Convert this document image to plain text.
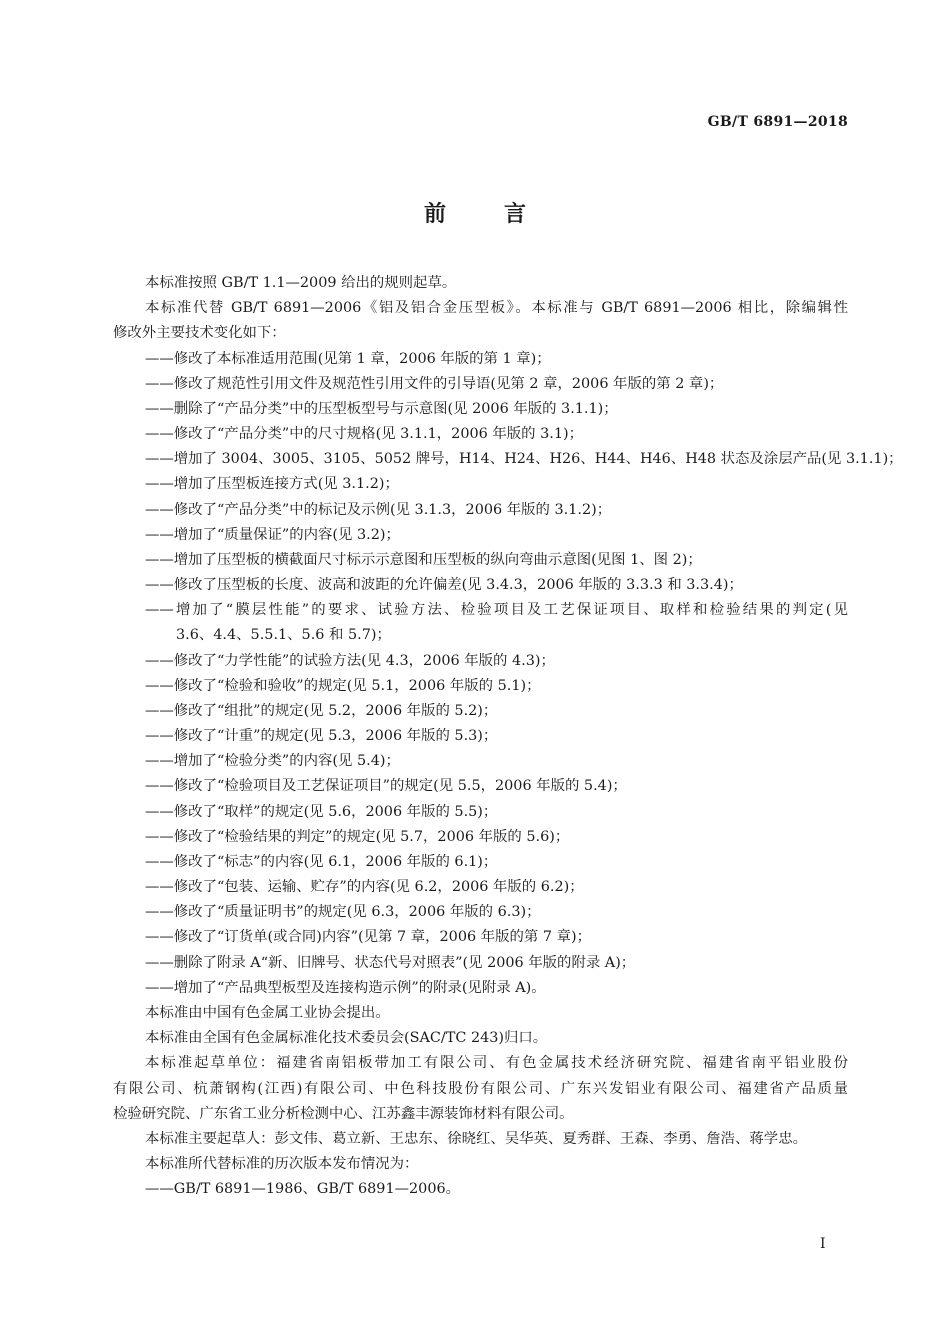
GB/T 6891—2018
前言
本标准按照 GB/T 1.1—2009 给出的规则起草。
本标准代替 GB/T 6891—2006《铝及铝合金压型板》。本标准与 GB/T 6891—2006 相比，除编辑性
修改外主要技术变化如下：
——修改了本标准适用范围(见第 1 章，2006 年版的第 1 章)；
——修改了规范性引用文件及规范性引用文件的引导语(见第 2 章，2006 年版的第 2 章)；
——删除了“产品分类”中的压型板型号与示意图(见 2006 年版的 3.1.1)；
——修改了“产品分类”中的尺寸规格(见 3.1.1，2006 年版的 3.1)；
——增加了 3004、3005、3105、5052 牌号，H14、H24、H26、H44、H46、H48 状态及涂层产品(见 3.1.1)；
——增加了压型板连接方式(见 3.1.2)；
——修改了“产品分类”中的标记及示例(见 3.1.3，2006 年版的 3.1.2)；
——增加了“质量保证”的内容(见 3.2)；
——增加了压型板的横截面尺寸标示示意图和压型板的纵向弯曲示意图(见图 1、图 2)；
——修改了压型板的长度、波高和波距的允许偏差(见 3.4.3，2006 年版的 3.3.3 和 3.3.4)；
——增加了“膜层性能”的要求、试验方法、检验项目及工艺保证项目、取样和检验结果的判定(见
3.6、4.4、5.5.1、5.6 和 5.7)；
——修改了“力学性能”的试验方法(见 4.3，2006 年版的 4.3)；
——修改了“检验和验收”的规定(见 5.1，2006 年版的 5.1)；
——修改了“组批”的规定(见 5.2，2006 年版的 5.2)；
——修改了“计重”的规定(见 5.3，2006 年版的 5.3)；
——增加了“检验分类”的内容(见 5.4)；
——修改了“检验项目及工艺保证项目”的规定(见 5.5，2006 年版的 5.4)；
——修改了“取样”的规定(见 5.6，2006 年版的 5.5)；
——修改了“检验结果的判定”的规定(见 5.7，2006 年版的 5.6)；
——修改了“标志”的内容(见 6.1，2006 年版的 6.1)；
——修改了“包装、运输、贮存”的内容(见 6.2，2006 年版的 6.2)；
——修改了“质量证明书”的规定(见 6.3，2006 年版的 6.3)；
——修改了“订货单(或合同)内容”(见第 7 章，2006 年版的第 7 章)；
——删除了附录 A“新、旧牌号、状态代号对照表”(见 2006 年版的附录 A)；
——增加了“产品典型板型及连接构造示例”的附录(见附录 A)。
本标准由中国有色金属工业协会提出。
本标准由全国有色金属标准化技术委员会(SAC/TC 243)归口。
本标准起草单位：福建省南铝板带加工有限公司、有色金属技术经济研究院、福建省南平铝业股份
有限公司、杭萧钢构(江西)有限公司、中色科技股份有限公司、广东兴发铝业有限公司、福建省产品质量
检验研究院、广东省工业分析检测中心、江苏鑫丰源装饰材料有限公司。
本标准主要起草人：彭文伟、葛立新、王忠东、徐晓红、吴华英、夏秀群、王森、李勇、詹浩、蒋学忠。
本标准所代替标准的历次版本发布情况为：
——GB/T 6891—1986、GB/T 6891—2006。
I
